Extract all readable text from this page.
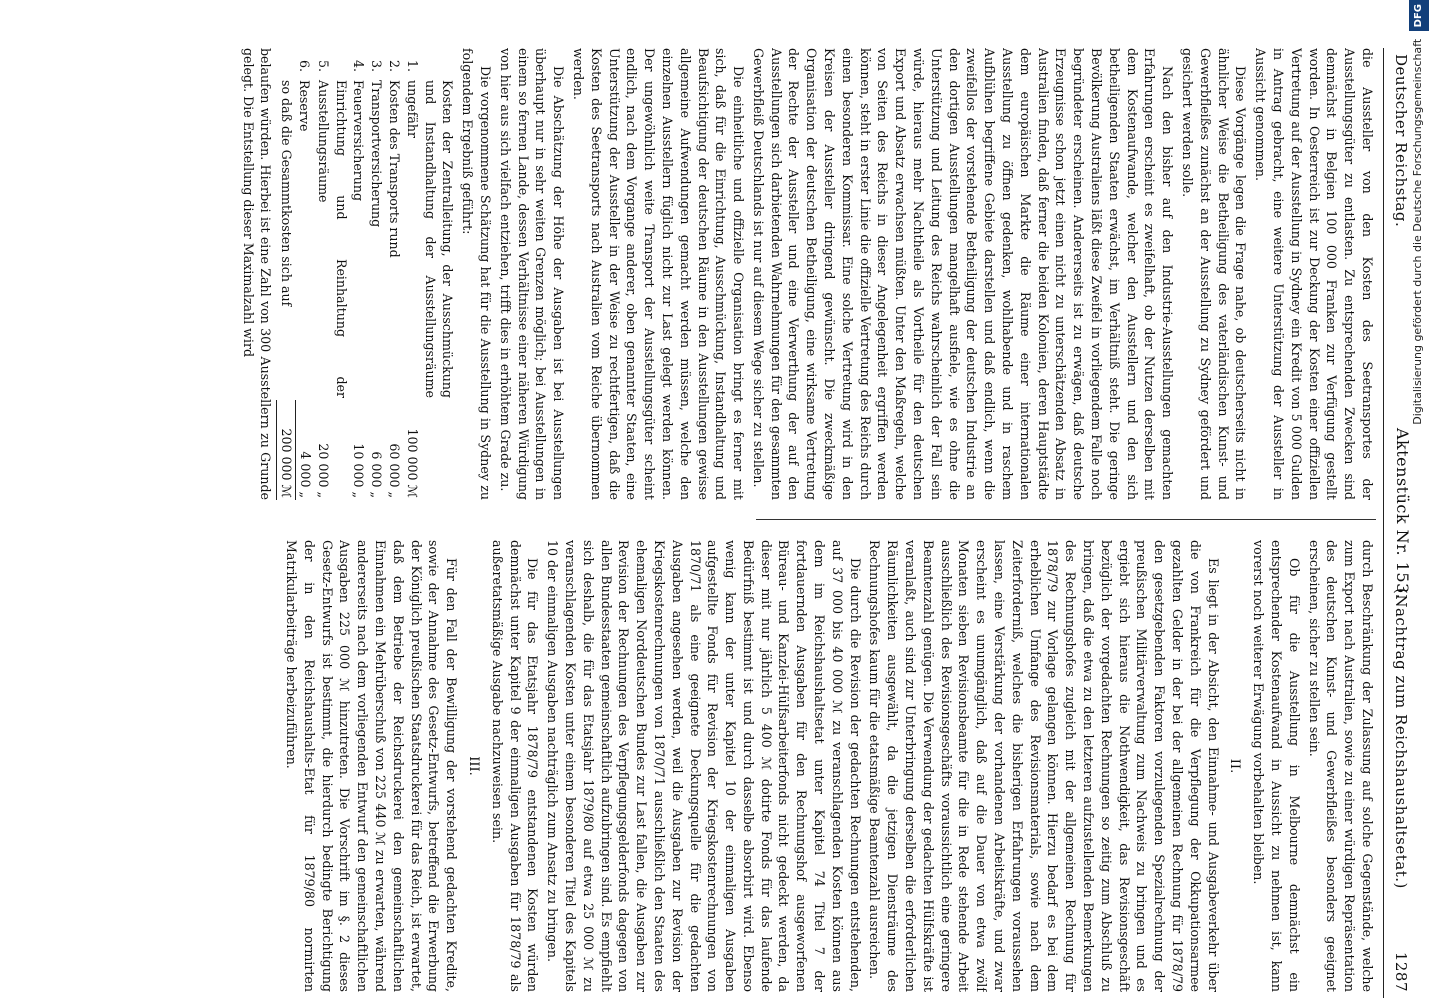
Deutscher Reichstag.
Aktenstück Nr. 153.
(Nachtrag zum Reichshaushaltsetat.)
1287

die Aussteller von den Kosten des Seetransportes der Ausstellungsgüter zu entlasten. Zu entsprechenden Zwecken sind demnächst in Belgien 100 000 Franken zur Verfügung gestellt worden. In Oesterreich ist zur Deckung der Kosten einer offiziellen Vertretung auf der Ausstellung in Sydney ein Kredit von 5 000 Gulden in Antrag gebracht, eine weitere Unterstützung der Aussteller in Aussicht genommen.

Diese Vorgänge legen die Frage nahe, ob deutscherseits nicht in ähnlicher Weise die Betheiligung des vaterländischen Kunst- und Gewerbfleißes zunächst an der Ausstellung zu Sydney gefördert und gesichert werden solle.

Nach den bisher auf den Industrie-Ausstellungen gemachten Erfahrungen erscheint es zweifelhaft, ob der Nutzen derselben mit dem Kostenaufwande, welcher den Ausstellern und den sich betheiligenden Staaten erwächst, im Verhältniß steht. Die geringe Bevölkerung Australiens läßt diese Zweifel in vorliegendem Falle noch begründeter erscheinen. Andererseits ist zu erwägen, daß deutsche Erzeugnisse schon jetzt einen nicht zu unterschätzenden Absatz in Australien finden, daß ferner die beiden Kolonien, deren Hauptstädte dem europäischen Markte die Räume einer internationalen Ausstellung zu öffnen gedenken, wohlhabende und in raschem Aufblühen begriffene Gebiete darstellen und daß endlich, wenn die zweifellos der vorstehende Betheiligung der deutschen Industrie an den dortigen Ausstellungen mangelhaft ausfiele, wie es ohne die Unterstützung und Leitung des Reichs wahrscheinlich der Fall sein würde, hieraus mehr Nachtheile als Vortheile für den deutschen Export und Absatz erwachsen müßten. Unter den Maßregeln, welche von Seiten des Reichs in dieser Angelegenheit ergriffen werden können, steht in erster Linie die offizielle Vertretung des Reichs durch einen besonderen Kommissar. Eine solche Vertretung wird in den Kreisen der Aussteller dringend gewünscht. Die zweckmäßige Organisation der deutschen Betheiligung, eine wirksame Vertretung der Rechte der Aussteller und eine Verwerthung der auf den Ausstellungen sich darbietenden Wahrnehmungen für den gesammten Gewerbfleiß Deutschlands ist nur auf diesem Wege sicher zu stellen.

Die einheitliche und offizielle Organisation bringt es ferner mit sich, daß für die Einrichtung, Ausschmückung, Instandhaltung und Beaufsichtigung der deutschen Räume in den Ausstellungen gewisse allgemeine Aufwendungen gemacht werden müssen, welche den einzelnen Ausstellern füglich nicht zur Last gelegt werden können. Der ungewöhnlich weite Transport der Ausstellungsgüter scheint endlich, nach dem Vorgange anderer, oben genannter Staaten, eine Unterstützung der Aussteller in der Weise zu rechtfertigen, daß die Kosten des Seetransports nach Australien vom Reiche übernommen werden.

Die Abschätzung der Höhe der Ausgaben ist bei Ausstellungen überhaupt nur in sehr weiten Grenzen möglich; bei Ausstellungen in einem so fernen Lande, dessen Verhältnisse einer näheren Würdigung von hier aus sich vielfach entziehen, trifft dies in erhöhtem Grade zu.

Die vorgenommene Schätzung hat für die Ausstellung in Sydney zu folgendem Ergebniß geführt:

1.	Kosten der Zentralleitung, der Ausschmückung und Instandhaltung der Ausstellungsräume ungefähr	100 000 ℳ
2.	Kosten des Transports rund	60 000 „
3.	Transportversicherung	6 000 „
4.	Feuerversicherung	10 000 „
5.	Einrichtung und Reinhaltung der Ausstellungsräume	20 000 „
6.	Reserve	4 000 „
	so daß die Gesammtkosten sich auf	200 000 ℳ

belaufen würden. Hierbei ist eine Zahl von 300 Ausstellern zu Grunde gelegt. Die Entstellung dieser Maximalzahl wird

durch Beschränkung der Zulassung auf solche Gegenstände, welche zum Export nach Australien, sowie zu einer würdigen Repräsentation des deutschen Kunst- und Gewerbfleißes besonders geeignet erscheinen, sicher zu stellen sein.

Ob für die Ausstellung in Melbourne demnächst ein entsprechender Kostenaufwand in Aussicht zu nehmen ist, kann vorerst noch weiterer Erwägung vorbehalten bleiben.

II.

Es liegt in der Absicht, den Einnahme- und Ausgabeverkehr über die von Frankreich für die Verpflegung der Okkupationsarmee gezahlten Gelder in der bei der allgemeinen Rechnung für 1878/79 den gesetzgebenden Faktoren vorzulegenden Spezialrechnung der preußischen Militärverwaltung zum Nachweis zu bringen und es ergiebt sich hieraus die Nothwendigkeit, das Revisionsgeschäft bezüglich der vorgedachten Rechnungen so zeitig zum Abschluß zu bringen, daß die etwa zu den letzteren aufzustellenden Bemerkungen des Rechnungshofes zugleich mit der allgemeinen Rechnung für 1878/79 zur Vorlage gelangen können. Hierzu bedarf es bei dem erheblichen Umfange des Revisionsmaterials, sowie nach dem Zeiterforderniß, welches die bisherigen Erfahrungen voraussehen lassen, eine Verstärkung der vorhandenen Arbeitskräfte, und zwar erscheint es unumgänglich, daß auf die Dauer von etwa zwölf Monaten sieben Revisionsbeamte für die in Rede stehende Arbeit ausschließlich des Revisionsgeschäfts voraussichtlich eine geringere Beamtenzahl genügen. Die Verwendung der gedachten Hülfskräfte ist veranlaßt, auch sind zur Unterbringung derselben die erforderlichen Räumlichkeiten ausgewählt, da die jetzigen Diensträume des Rechnungshofes kaum für die etatsmäßige Beamtenzahl ausreichen.

Die durch die Revision der gedachten Rechnungen entstehenden, auf 37 000 bis 40 000 ℳ zu veranschlagenden Kosten können aus dem im Reichshaushaltsetat unter Kapitel 74 Titel 7 der fortdauernden Ausgaben für den Rechnungshof ausgeworfenen Büreau- und Kanzlei-Hülfsarbeiterfonds nicht gedeckt werden, da dieser mit nur jährlich 5 400 ℳ dotirte Fonds für das laufende Bedürfniß bestimmt ist und durch dasselbe absorbirt wird. Ebenso wenig kann der unter Kapitel 10 der einmaligen Ausgaben aufgestellte Fonds für Revision der Kriegskostenrechnungen von 1870/71 als eine geeignete Deckungsquelle für die gedachten Ausgaben angesehen werden, weil die Ausgaben zur Revision der Kriegskostenrechnungen von 1870/71 ausschließlich den Staaten des ehemaligen Norddeutschen Bundes zur Last fallen, die Ausgaben zur Revision der Rechnungen des Verpflegungsgelderfonds dagegen von allen Bundesstaaten gemeinschaftlich aufzubringen sind. Es empfiehlt sich deshalb, die für das Etatsjahr 1879/80 auf etwa 25 000 ℳ zu veranschlagenden Kosten unter einem besonderen Titel des Kapitels 10 der einmaligen Ausgaben nachträglich zum Ansatz zu bringen.

Die für das Etatsjahr 1878/79 entstandenen Kosten würden demnächst unter Kapitel 9 der einmaligen Ausgaben für 1878/79 als außeretatsmäßige Ausgabe nachzuweisen sein.

III.

Für den Fall der Bewilligung der vorstehend gedachten Kredite, sowie der Annahme des Gesetz-Entwurfs, betreffend die Erwerbung der Königlich preußischen Staatsdruckerei für das Reich, ist erwartet, daß dem Betriebe der Reichsdruckerei den gemeinschaftlichen Einnahmen ein Mehrüberschuß von 225 440 ℳ zu erwarten, während andererseits nach dem vorliegenden Entwurf den gemeinschaftlichen Ausgaben 225 000 ℳ hinzutreten. Die Vorschrift im §. 2 dieses Gesetz-Entwurfs ist bestimmt, die hierdurch bedingte Berichtigung der in den Reichshaushalts-Etat für 1879/80 normirten Matrikularbeiträge herbeizuführen.

Digitalisierung gefördert durch die Deutsche Forschungsgemeinschaft DFG
